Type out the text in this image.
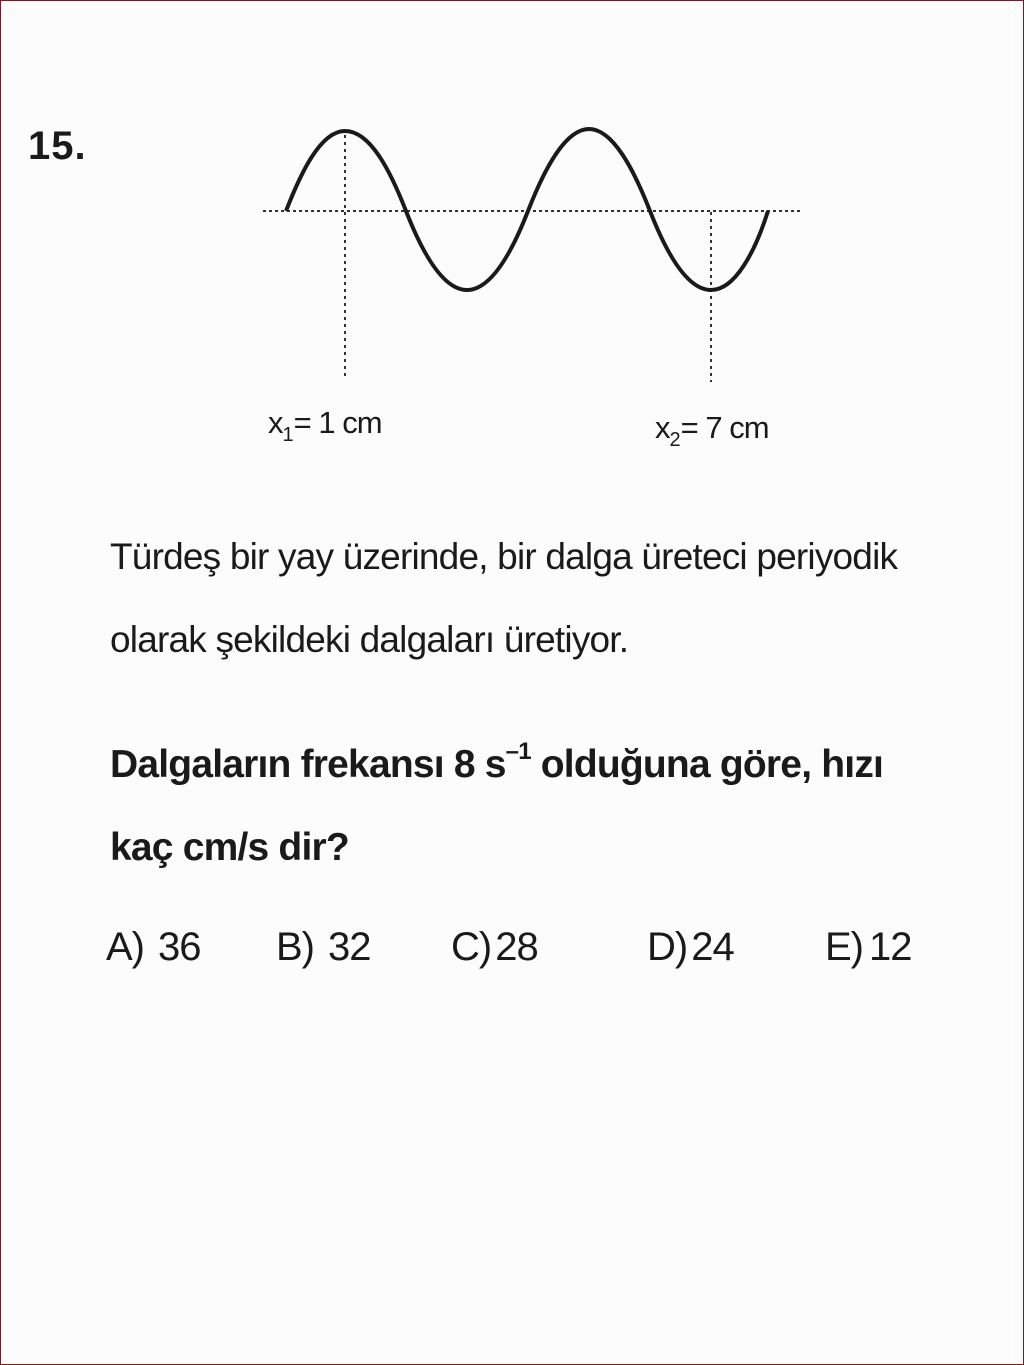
15.
$x_1= 1$ cm	$x_2= 7$ cm
Türdeş bir yay üzerinde, bir dalga üreteci periyodik
olarak şekildeki dalgaları üretiyor.
Dalgaların frekansı 8 $s^{-1}$ olduğuna göre, hızı
kaç cm/s dir?
A) 36 B) 32 C) 28	D) 24 E) 12
